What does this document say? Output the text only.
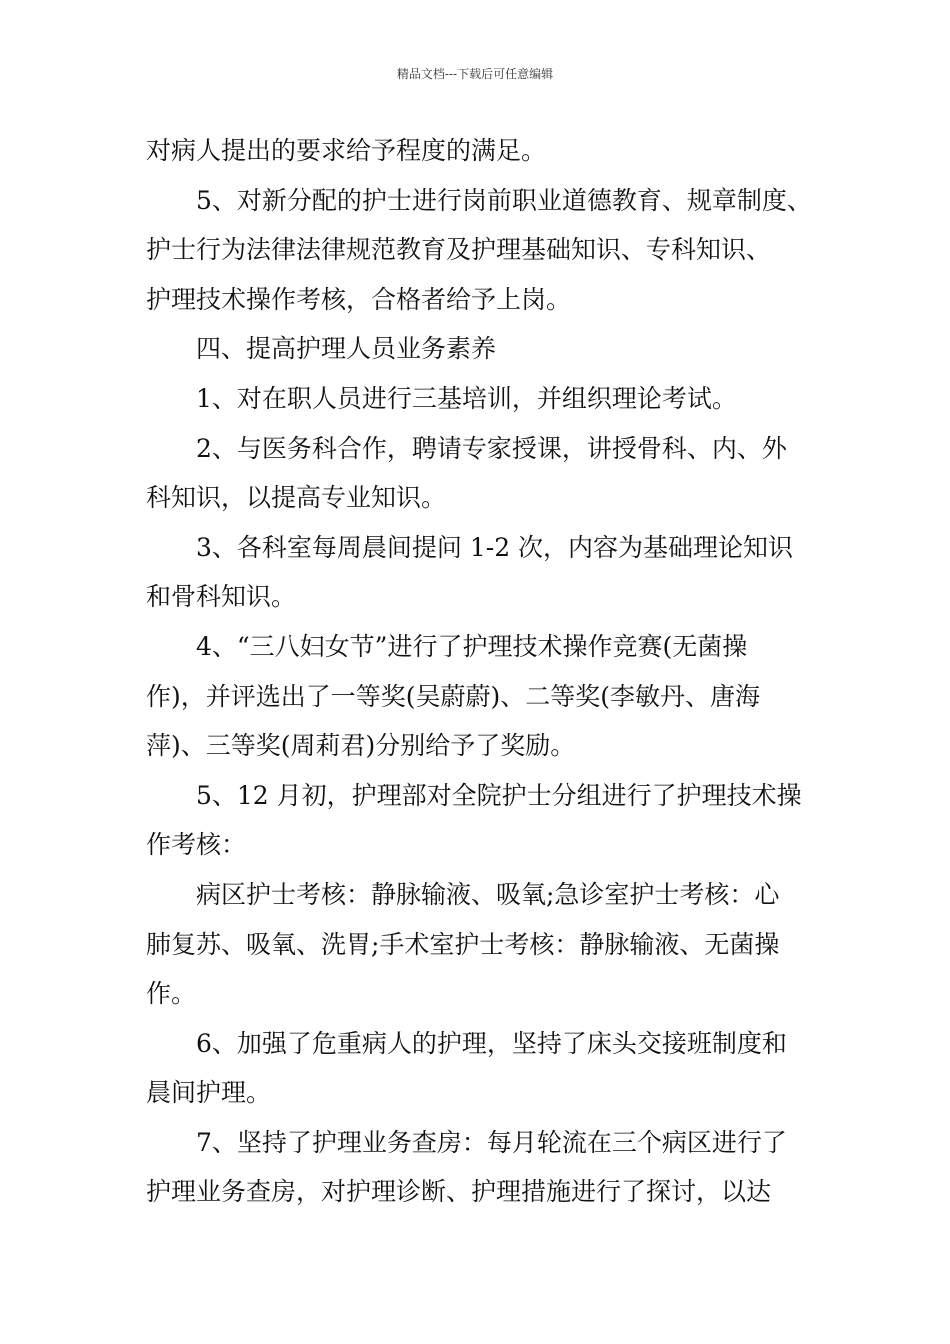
精品文档---下载后可任意编辑
对病人提出的要求给予程度的满足。
5、对新分配的护士进行岗前职业道德教育、规章制度、
护士行为法律法律规范教育及护理基础知识、专科知识、
护理技术操作考核，合格者给予上岗。
四、提高护理人员业务素养
1、对在职人员进行三基培训，并组织理论考试。
2、与医务科合作，聘请专家授课，讲授骨科、内、外
科知识，以提高专业知识。
3、各科室每周晨间提问 1-2 次，内容为基础理论知识
和骨科知识。
4、“三八妇女节”进行了护理技术操作竞赛(无菌操
作)，并评选出了一等奖(吴蔚蔚)、二等奖(李敏丹、唐海
萍)、三等奖(周莉君)分别给予了奖励。
5、12 月初，护理部对全院护士分组进行了护理技术操
作考核：
病区护士考核：静脉输液、吸氧;急诊室护士考核：心
肺复苏、吸氧、洗胃;手术室护士考核：静脉输液、无菌操
作。
6、加强了危重病人的护理，坚持了床头交接班制度和
晨间护理。
7、坚持了护理业务查房：每月轮流在三个病区进行了
护理业务查房，对护理诊断、护理措施进行了探讨，以达
